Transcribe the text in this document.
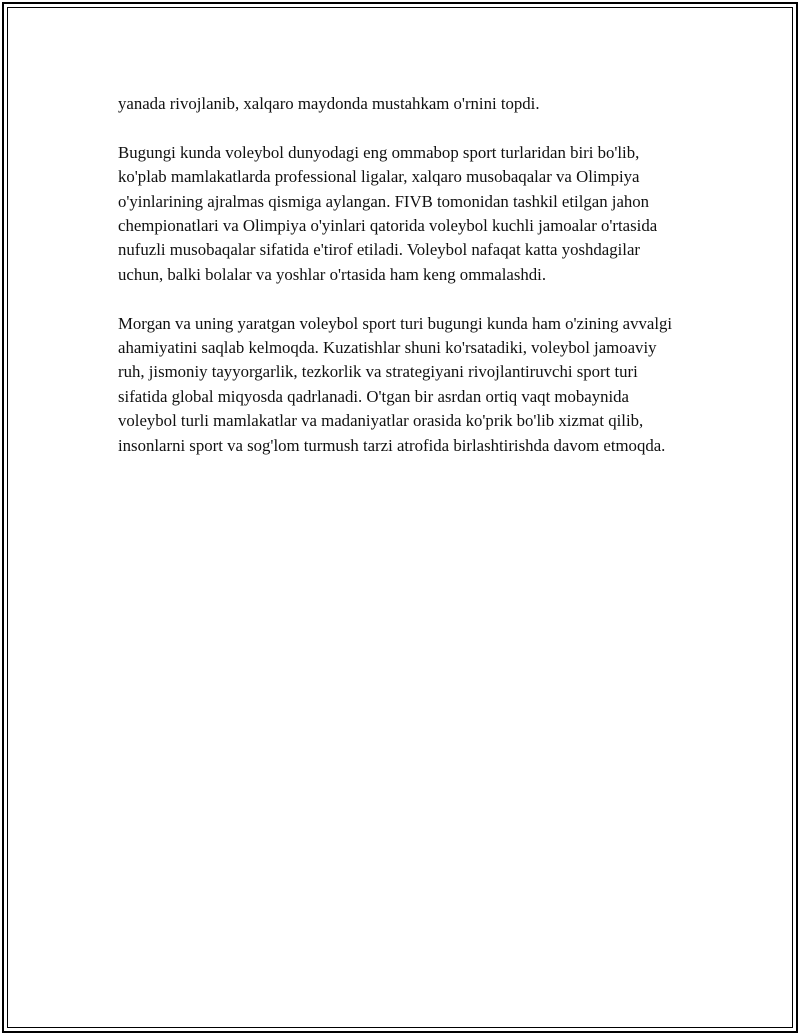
yanada rivojlanib, xalqaro maydonda mustahkam o'rnini topdi.

Bugungi kunda voleybol dunyodagi eng ommabop sport turlaridan biri bo'lib, ko'plab mamlakatlarda professional ligalar, xalqaro musobaqalar va Olimpiya o'yinlarining ajralmas qismiga aylangan. FIVB tomonidan tashkil etilgan jahon chempionatlari va Olimpiya o'yinlari qatorida voleybol kuchli jamoalar o'rtasida nufuzli musobaqalar sifatida e'tirof etiladi. Voleybol nafaqat katta yoshdagilar uchun, balki bolalar va yoshlar o'rtasida ham keng ommalashdi.

Morgan va uning yaratgan voleybol sport turi bugungi kunda ham o'zining avvalgi ahamiyatini saqlab kelmoqda. Kuzatishlar shuni ko'rsatadiki, voleybol jamoaviy ruh, jismoniy tayyorgarlik, tezkorlik va strategiyani rivojlantiruvchi sport turi sifatida global miqyosda qadrlanadi. O'tgan bir asrdan ortiq vaqt mobaynida voleybol turli mamlakatlar va madaniyatlar orasida ko'prik bo'lib xizmat qilib, insonlarni sport va sog'lom turmush tarzi atrofida birlashtirishda davom etmoqda.
